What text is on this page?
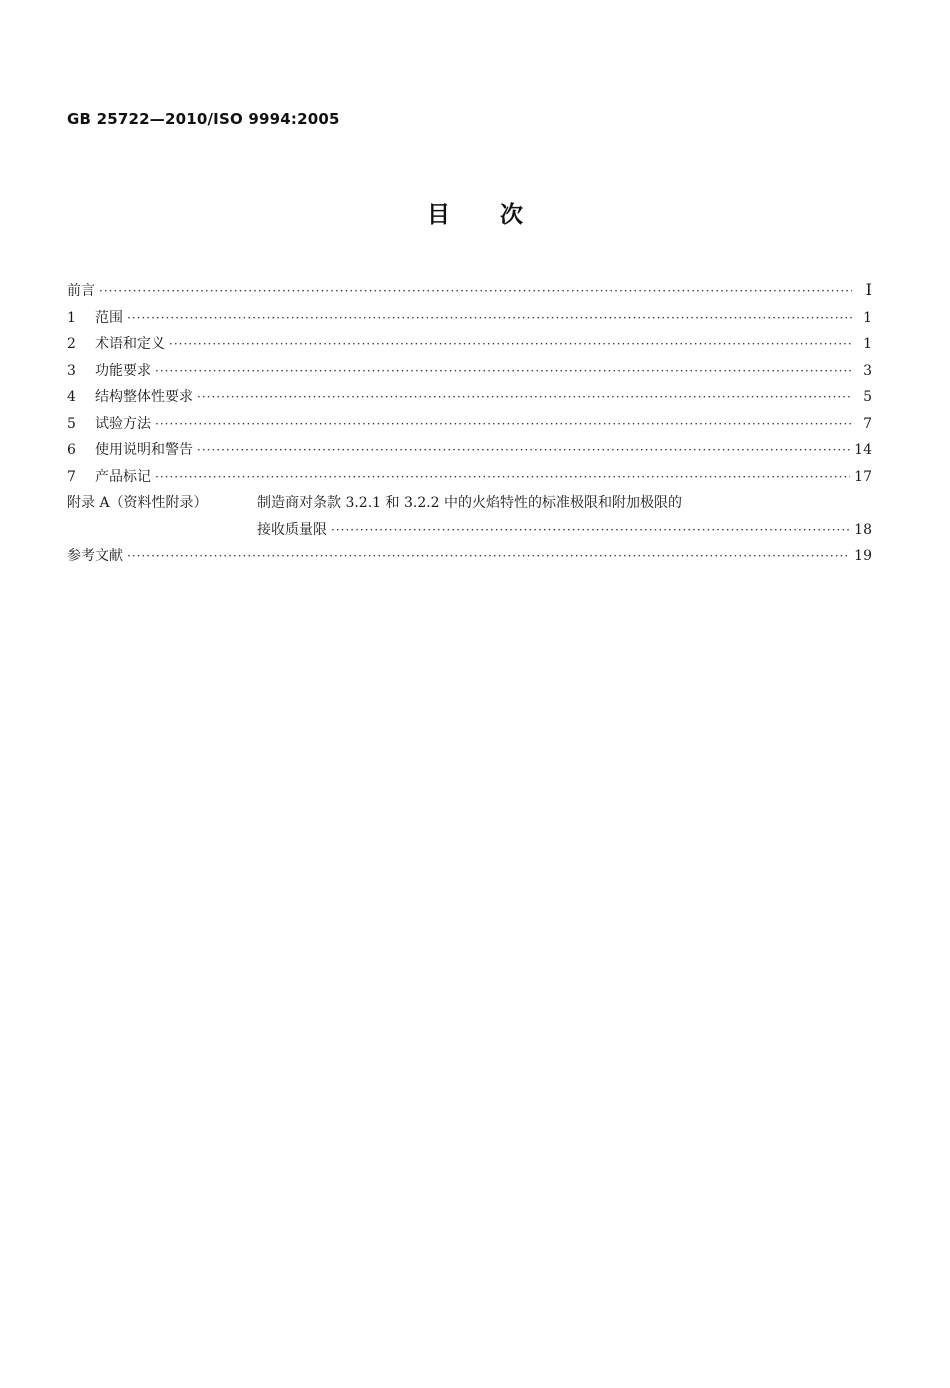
GB 25722—2010/ISO 9994:2005
目次
前言 ·····	I
1	范围 ·····	1
2	术语和定义 ·····	1
3	功能要求 ·····	3
4	结构整体性要求 ·····	5
5	试验方法 ·····	7
6	使用说明和警告 ·····	14
7	产品标记 ·····	17
附录 A（资料性附录）	制造商对条款 3.2.1 和 3.2.2 中的火焰特性的标准极限和附加极限的
接收质量限 ·····	18
参考文献 ·····	19
